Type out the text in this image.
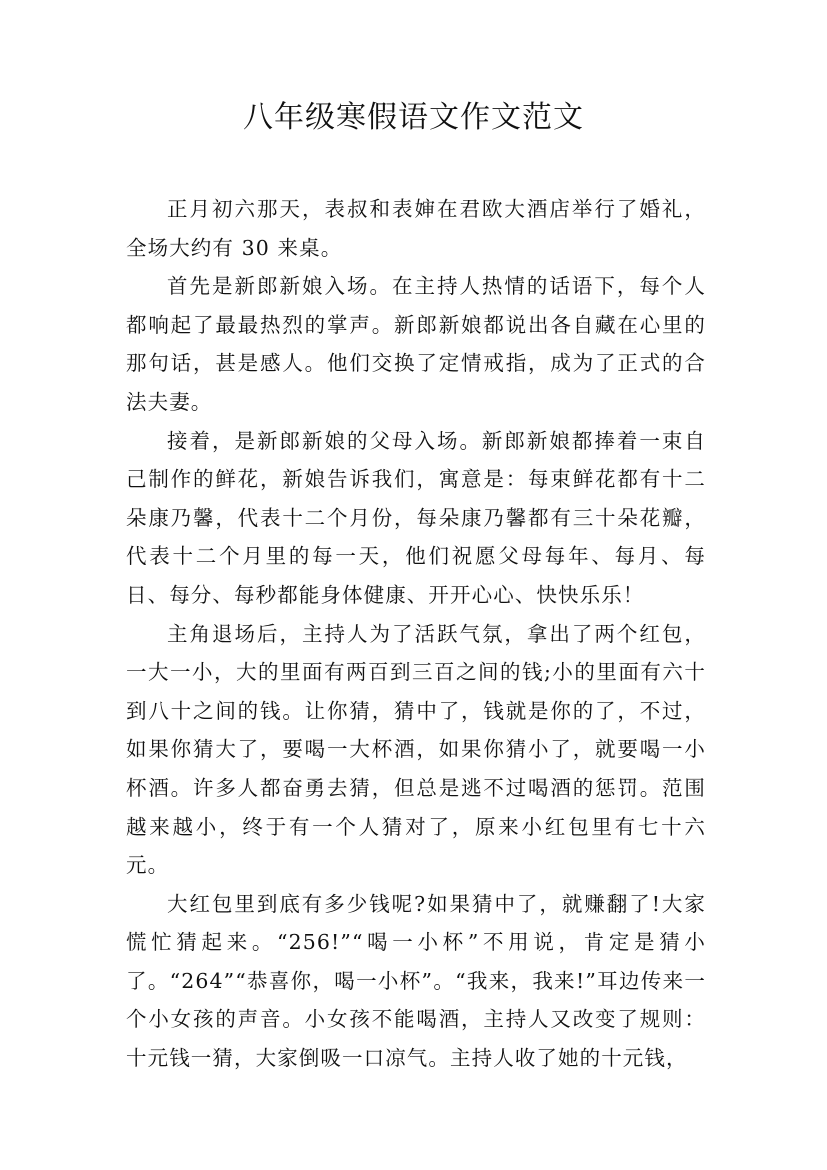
八年级寒假语文作文范文

正月初六那天，表叔和表婶在君欧大酒店举行了婚礼，全场大约有 30 来桌。

首先是新郎新娘入场。在主持人热情的话语下，每个人都响起了最最热烈的掌声。新郎新娘都说出各自藏在心里的那句话，甚是感人。他们交换了定情戒指，成为了正式的合法夫妻。

接着，是新郎新娘的父母入场。新郎新娘都捧着一束自己制作的鲜花，新娘告诉我们，寓意是：每束鲜花都有十二朵康乃馨，代表十二个月份，每朵康乃馨都有三十朵花瓣，代表十二个月里的每一天，他们祝愿父母每年、每月、每日、每分、每秒都能身体健康、开开心心、快快乐乐！

主角退场后，主持人为了活跃气氛，拿出了两个红包，一大一小，大的里面有两百到三百之间的钱;小的里面有六十到八十之间的钱。让你猜，猜中了，钱就是你的了，不过，如果你猜大了，要喝一大杯酒，如果你猜小了，就要喝一小杯酒。许多人都奋勇去猜，但总是逃不过喝酒的惩罚。范围越来越小，终于有一个人猜对了，原来小红包里有七十六元。

大红包里到底有多少钱呢?如果猜中了，就赚翻了!大家慌忙猜起来。“256!”“喝一小杯”不用说，肯定是猜小了。“264”“恭喜你，喝一小杯”。“我来，我来!”耳边传来一个小女孩的声音。小女孩不能喝酒，主持人又改变了规则：十元钱一猜，大家倒吸一口凉气。主持人收了她的十元钱，
